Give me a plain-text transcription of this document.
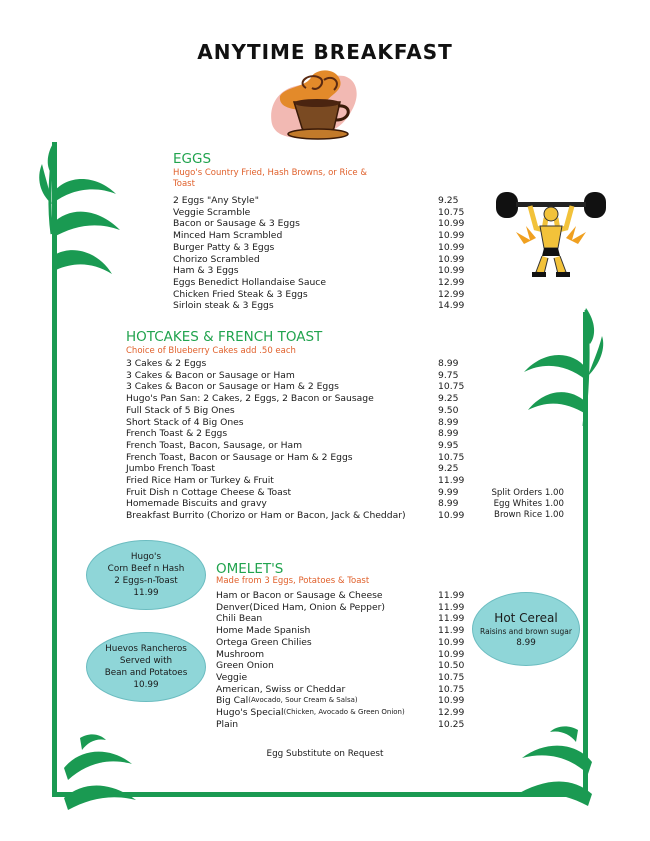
ANYTIME BREAKFAST
EGGS
Hugo's Country Fried, Hash Browns, or Rice & Toast
2 Eggs "Any Style"	9.25
Veggie Scramble	10.75
Bacon or Sausage & 3 Eggs	10.99
Minced Ham Scrambled	10.99
Burger Patty & 3 Eggs	10.99
Chorizo Scrambled	10.99
Ham & 3 Eggs	10.99
Eggs Benedict Hollandaise Sauce	12.99
Chicken Fried Steak & 3 Eggs	12.99
Sirloin steak & 3 Eggs	14.99
HOTCAKES & FRENCH TOAST
Choice of Blueberry Cakes add .50 each
3 Cakes & 2 Eggs	8.99
3 Cakes & Bacon or Sausage or Ham	9.75
3 Cakes & Bacon or Sausage or Ham & 2 Eggs	10.75
Hugo's Pan San: 2 Cakes, 2 Eggs, 2 Bacon or Sausage	9.25
Full Stack of 5 Big Ones	9.50
Short Stack of 4 Big Ones	8.99
French Toast & 2 Eggs	8.99
French Toast, Bacon, Sausage, or Ham	9.95
French Toast, Bacon or Sausage or Ham & 2 Eggs	10.75
Jumbo French Toast	9.25
Fried Rice Ham or Turkey & Fruit	11.99
Fruit Dish n Cottage Cheese & Toast	9.99
Homemade Biscuits and gravy	8.99
Breakfast Burrito (Chorizo or Ham or Bacon, Jack & Cheddar)	10.99
Split Orders 1.00
Egg Whites 1.00
Brown Rice 1.00
Hugo's
Corn Beef n Hash
2 Eggs-n-Toast
11.99
Huevos Rancheros
Served with
Bean and Potatoes
10.99
Hot Cereal
Raisins and brown sugar
8.99
OMELET'S
Made from 3 Eggs, Potatoes & Toast
Ham or Bacon or Sausage & Cheese	11.99
Denver(Diced Ham, Onion & Pepper)	11.99
Chili Bean	11.99
Home Made Spanish	11.99
Ortega Green Chilies	10.99
Mushroom	10.99
Green Onion	10.50
Veggie	10.75
American, Swiss or Cheddar	10.75
Big Cal (Avocado, Sour Cream & Salsa)	10.99
Hugo's Special (Chicken, Avocado & Green Onion)	12.99
Plain	10.25
Egg Substitute on Request
